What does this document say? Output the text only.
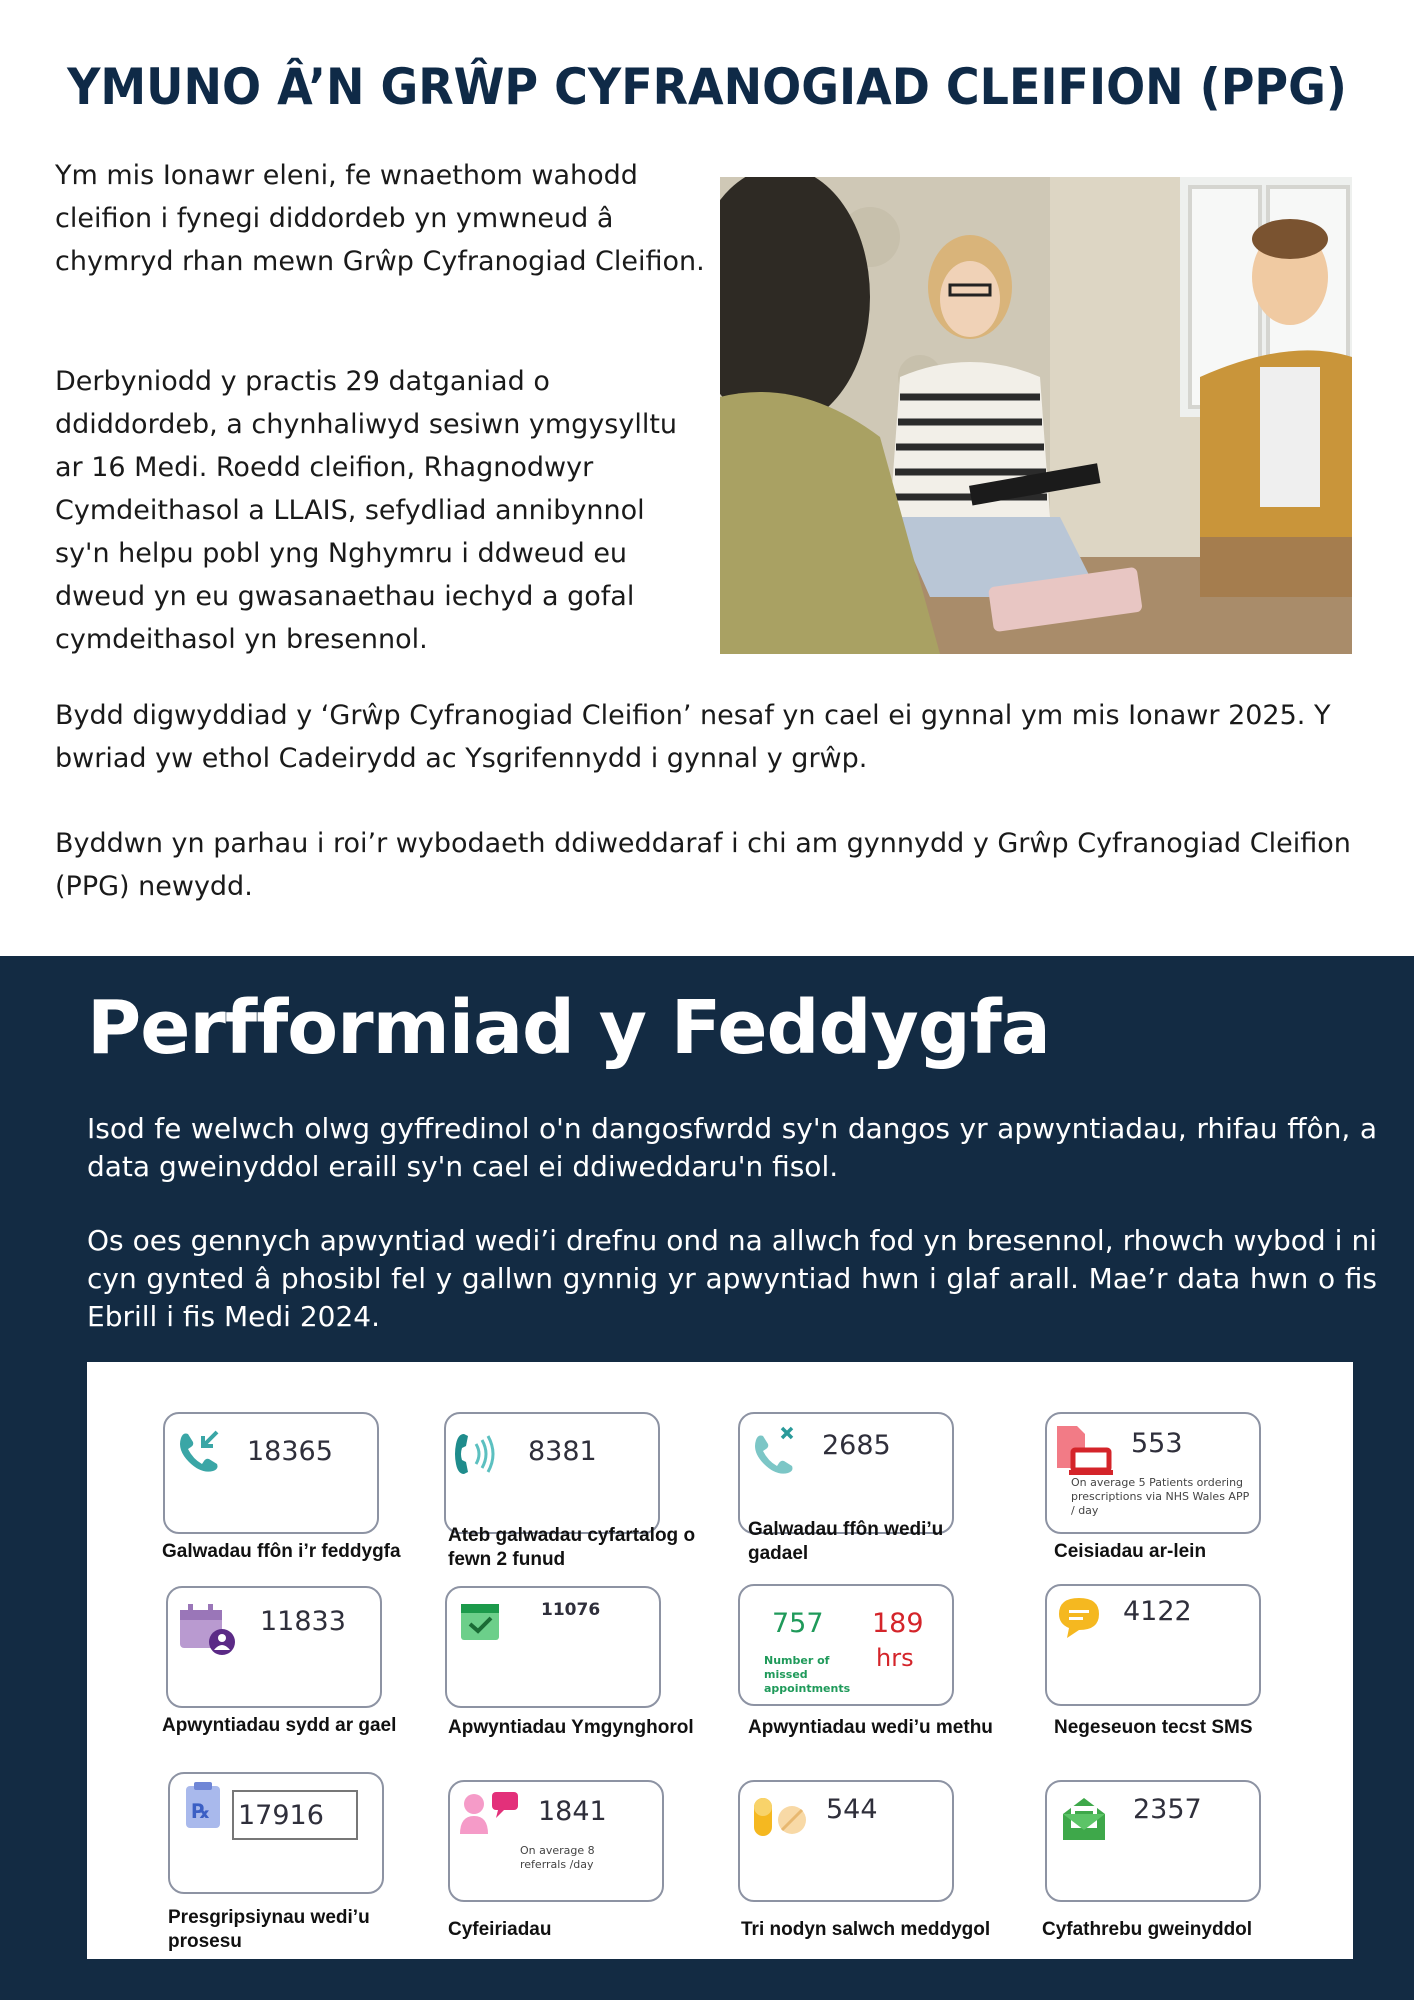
YMUNO Â’N GRŴP CYFRANOGIAD CLEIFION (PPG)
Ym mis Ionawr eleni, fe wnaethom wahodd cleifion i fynegi diddordeb yn ymwneud â chymryd rhan mewn Grŵp Cyfranogiad Cleifion.
Derbyniodd y practis 29 datganiad o ddiddordeb, a chynhaliwyd sesiwn ymgysylltu ar 16 Medi. Roedd cleifion, Rhagnodwyr Cymdeithasol a LLAIS, sefydliad annibynnol sy'n helpu pobl yng Nghymru i ddweud eu dweud yn eu gwasanaethau iechyd a gofal cymdeithasol yn bresennol.
Bydd digwyddiad y ‘Grŵp Cyfranogiad Cleifion’ nesaf yn cael ei gynnal ym mis Ionawr 2025. Y bwriad yw ethol Cadeirydd ac Ysgrifennydd i gynnal y grŵp.
Byddwn yn parhau i roi’r wybodaeth ddiweddaraf i chi am gynnydd y Grŵp Cyfranogiad Cleifion (PPG) newydd.
Perfformiad y Feddygfa
Isod fe welwch olwg gyffredinol o'n dangosfwrdd sy'n dangos yr apwyntiadau, rhifau ffôn, a data gweinyddol eraill sy'n cael ei ddiweddaru'n fisol.
Os oes gennych apwyntiad wedi’i drefnu ond na allwch fod yn bresennol, rhowch wybod i ni cyn gynted â phosibl fel y gallwn gynnig yr apwyntiad hwn i glaf arall. Mae’r data hwn o fis Ebrill i fis Medi 2024.
18365
Galwadau ffôn i’r feddygfa
8381
Ateb galwadau cyfartalog o fewn 2 funud
2685
Galwadau ffôn wedi’u gadael
553
On average 5 Patients ordering prescriptions via NHS Wales APP / day
Ceisiadau ar-lein
11833
Apwyntiadau sydd ar gael
11076
Apwyntiadau Ymgynghorol
757 189
hrs
Number of missed appointments
Apwyntiadau wedi’u methu
4122
Negeseuon tecst SMS
℞ 17916
Presgripsiynau wedi’u prosesu
1841
On average 8 referrals /day
Cyfeiriadau
544
Tri nodyn salwch meddygol
2357
Cyfathrebu gweinyddol
